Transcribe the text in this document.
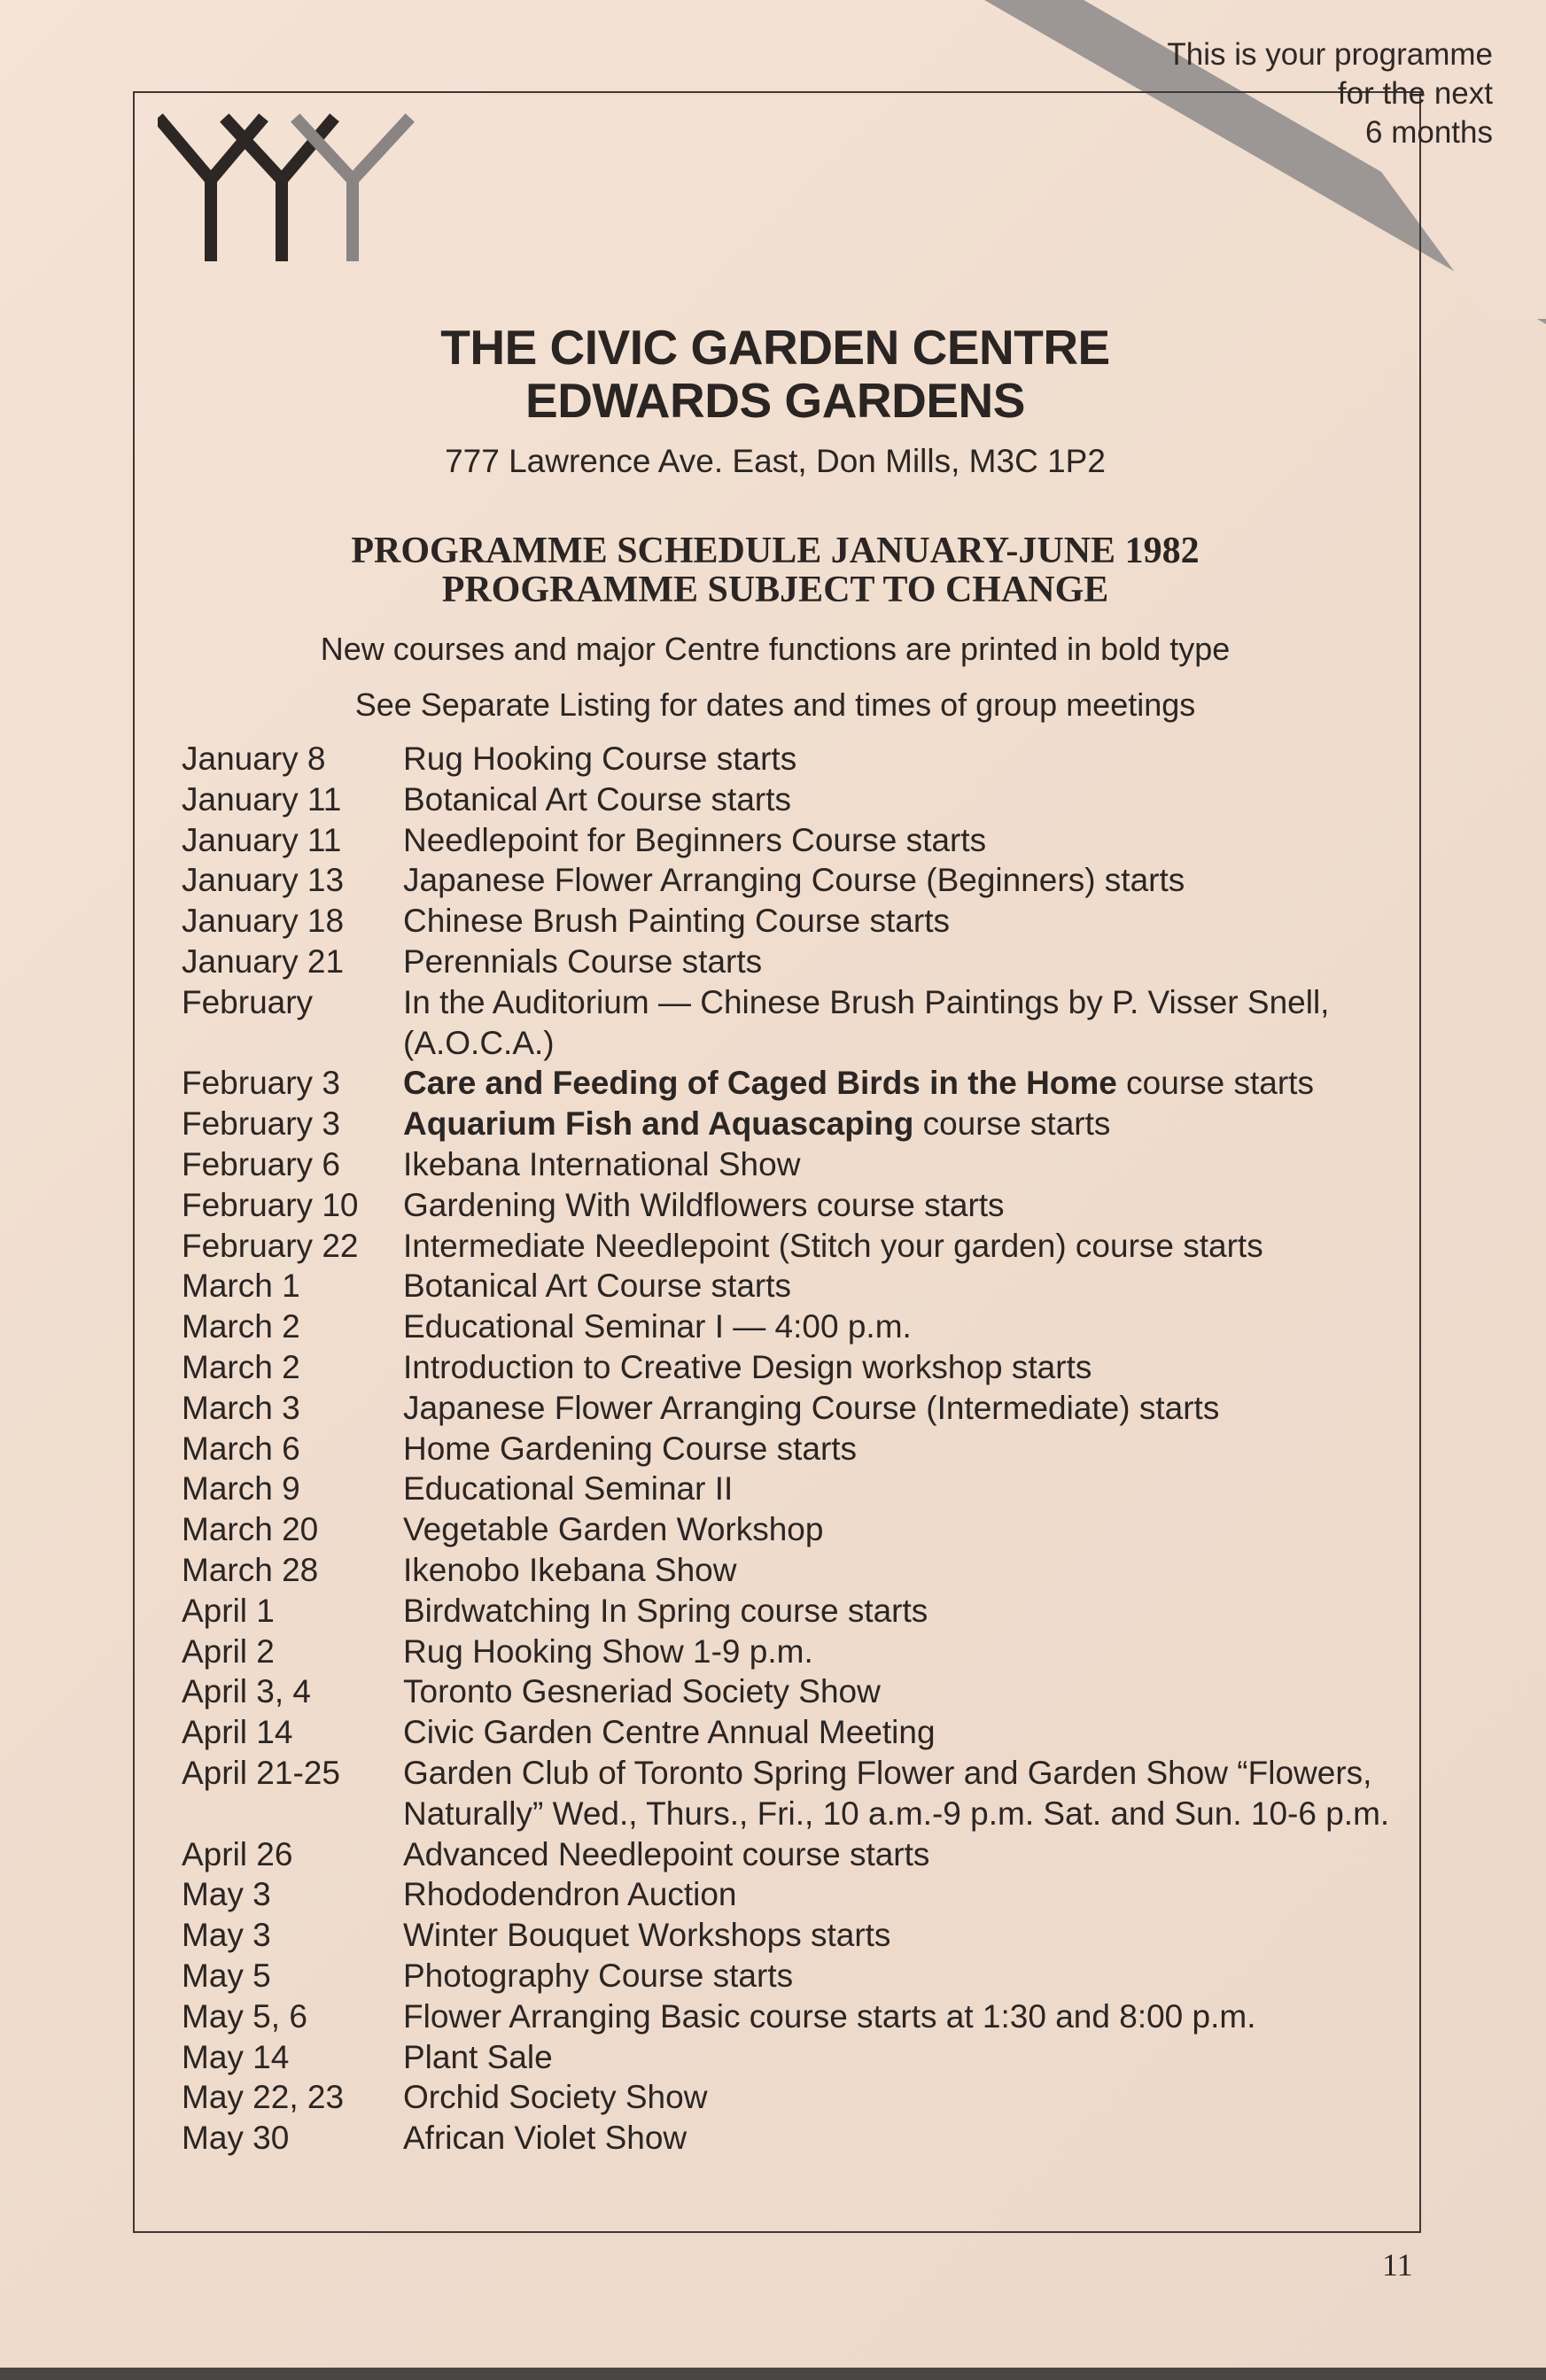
This is your programme
for the next
6 months
THE CIVIC GARDEN CENTRE
EDWARDS GARDENS
777 Lawrence Ave. East, Don Mills, M3C 1P2
PROGRAMME SCHEDULE JANUARY-JUNE 1982
PROGRAMME SUBJECT TO CHANGE
New courses and major Centre functions are printed in bold type
See Separate Listing for dates and times of group meetings
January 8	Rug Hooking Course starts
January 11	Botanical Art Course starts
January 11	Needlepoint for Beginners Course starts
January 13	Japanese Flower Arranging Course (Beginners) starts
January 18	Chinese Brush Painting Course starts
January 21	Perennials Course starts
February	In the Auditorium — Chinese Brush Paintings by P. Visser Snell, (A.O.C.A.)
February 3	Care and Feeding of Caged Birds in the Home course starts
February 3	Aquarium Fish and Aquascaping course starts
February 6	Ikebana International Show
February 10	Gardening With Wildflowers course starts
February 22	Intermediate Needlepoint (Stitch your garden) course starts
March 1	Botanical Art Course starts
March 2	Educational Seminar I — 4:00 p.m.
March 2	Introduction to Creative Design workshop starts
March 3	Japanese Flower Arranging Course (Intermediate) starts
March 6	Home Gardening Course starts
March 9	Educational Seminar II
March 20	Vegetable Garden Workshop
March 28	Ikenobo Ikebana Show
April 1	Birdwatching In Spring course starts
April 2	Rug Hooking Show 1-9 p.m.
April 3, 4	Toronto Gesneriad Society Show
April 14	Civic Garden Centre Annual Meeting
April 21-25	Garden Club of Toronto Spring Flower and Garden Show “Flowers, Naturally” Wed., Thurs., Fri., 10 a.m.-9 p.m. Sat. and Sun. 10-6 p.m.
April 26	Advanced Needlepoint course starts
May 3	Rhododendron Auction
May 3	Winter Bouquet Workshops starts
May 5	Photography Course starts
May 5, 6	Flower Arranging Basic course starts at 1:30 and 8:00 p.m.
May 14	Plant Sale
May 22, 23	Orchid Society Show
May 30	African Violet Show
11
